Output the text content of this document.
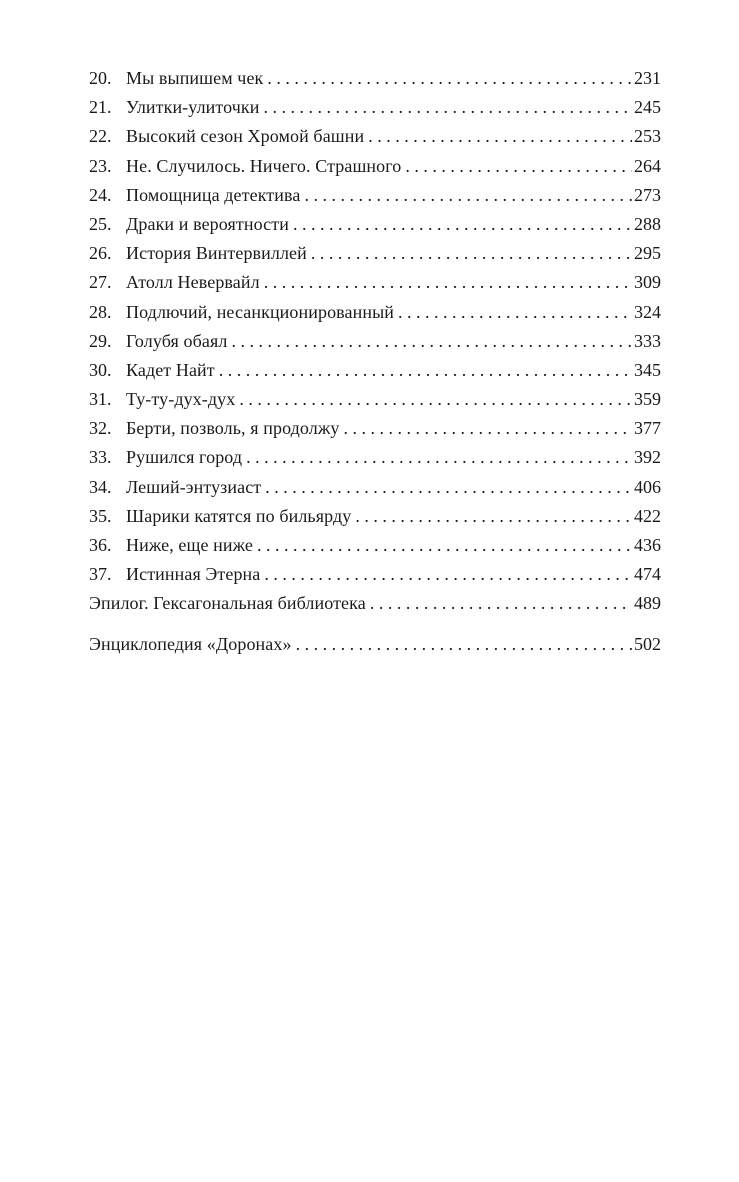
20. Мы выпишем чек . . .	231
21. Улитки-улиточки . . .	245
22. Высокий сезон Хромой башни . . .	253
23. Не. Случилось. Ничего. Страшного . . .	264
24. Помощница детектива . . .	273
25. Драки и вероятности . . .	288
26. История Винтервиллей . . .	295
27. Атолл Невервайл . . .	309
28. Подлючий, несанкционированный . . .	324
29. Голубя обаял . . .	333
30. Кадет Найт . . .	345
31. Ту-ту-дух-дух . . .	359
32. Берти, позволь, я продолжу . . .	377
33. Рушился город . . .	392
34. Леший-энтузиаст . . .	406
35. Шарики катятся по бильярду . . .	422
36. Ниже, еще ниже . . .	436
37. Истинная Этерна . . .	474
Эпилог. Гексагональная библиотека . . .	489
Энциклопедия «Доронах» . . .	502
